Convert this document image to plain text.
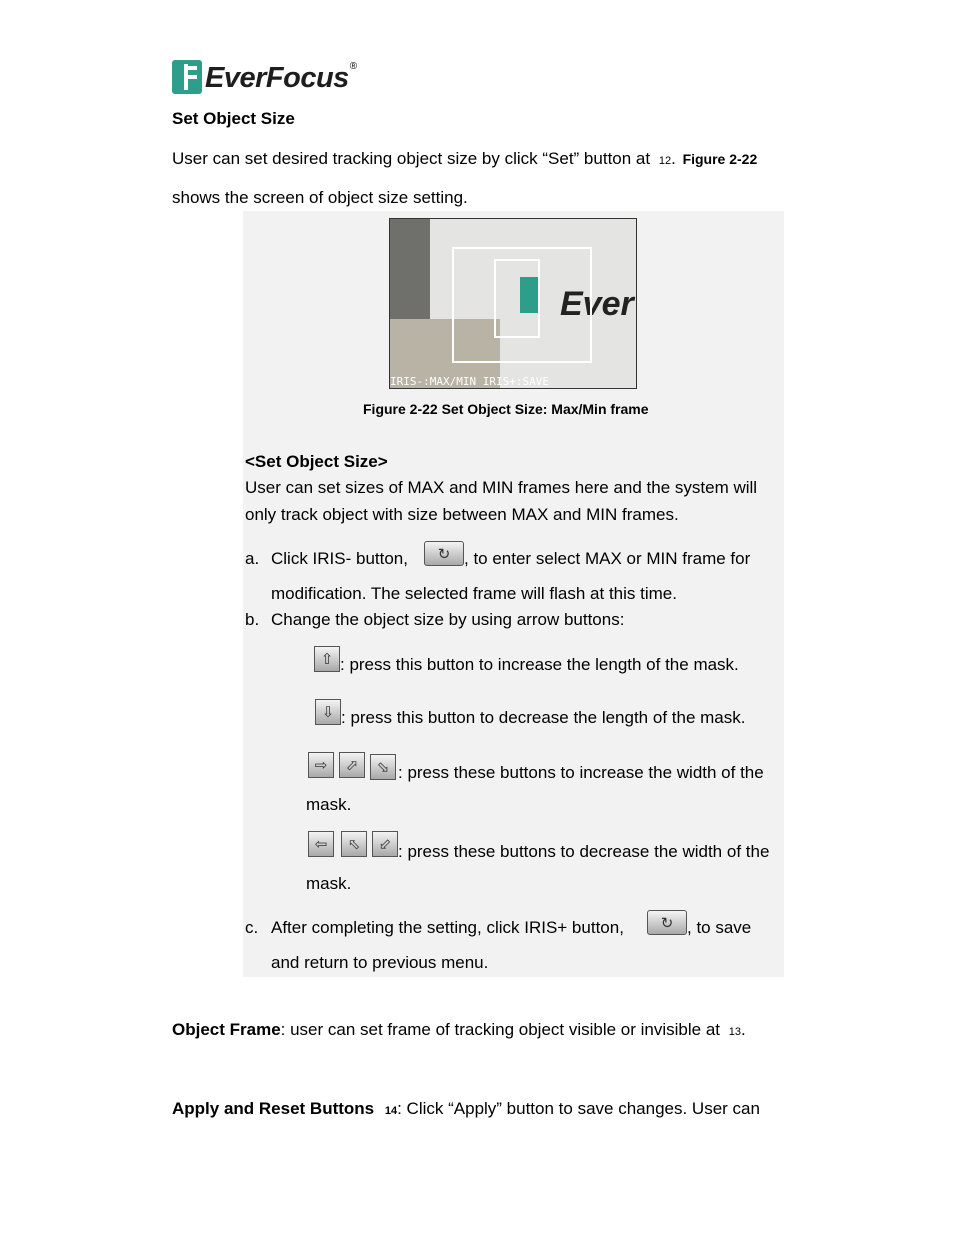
EverFocus ®
Set Object Size
User can set desired tracking object size by click “Set” button at 12. Figure 2-22
shows the screen of object size setting.
Ever
IRIS-:MAX/MIN IRIS+:SAVE
Figure 2-22 Set Object Size: Max/Min frame
<Set Object Size>
User can set sizes of MAX and MIN frames here and the system will
only track object with size between MAX and MIN frames.
a. Click IRIS- button, ↻ , to enter select MAX or MIN frame for
modification. The selected frame will flash at this time.
b. Change the object size by using arrow buttons:
⇧ : press this button to increase the length of the mask.
⇩ : press this button to decrease the length of the mask.
⇨ ⬀ ⬂ : press these buttons to increase the width of the
mask.
⇦ ⬁ ⬃ : press these buttons to decrease the width of the
mask.
c. After completing the setting, click IRIS+ button, ↻ , to save
and return to previous menu.
Object Frame: user can set frame of tracking object visible or invisible at 13.
Apply and Reset Buttons 14: Click “Apply” button to save changes. User can
